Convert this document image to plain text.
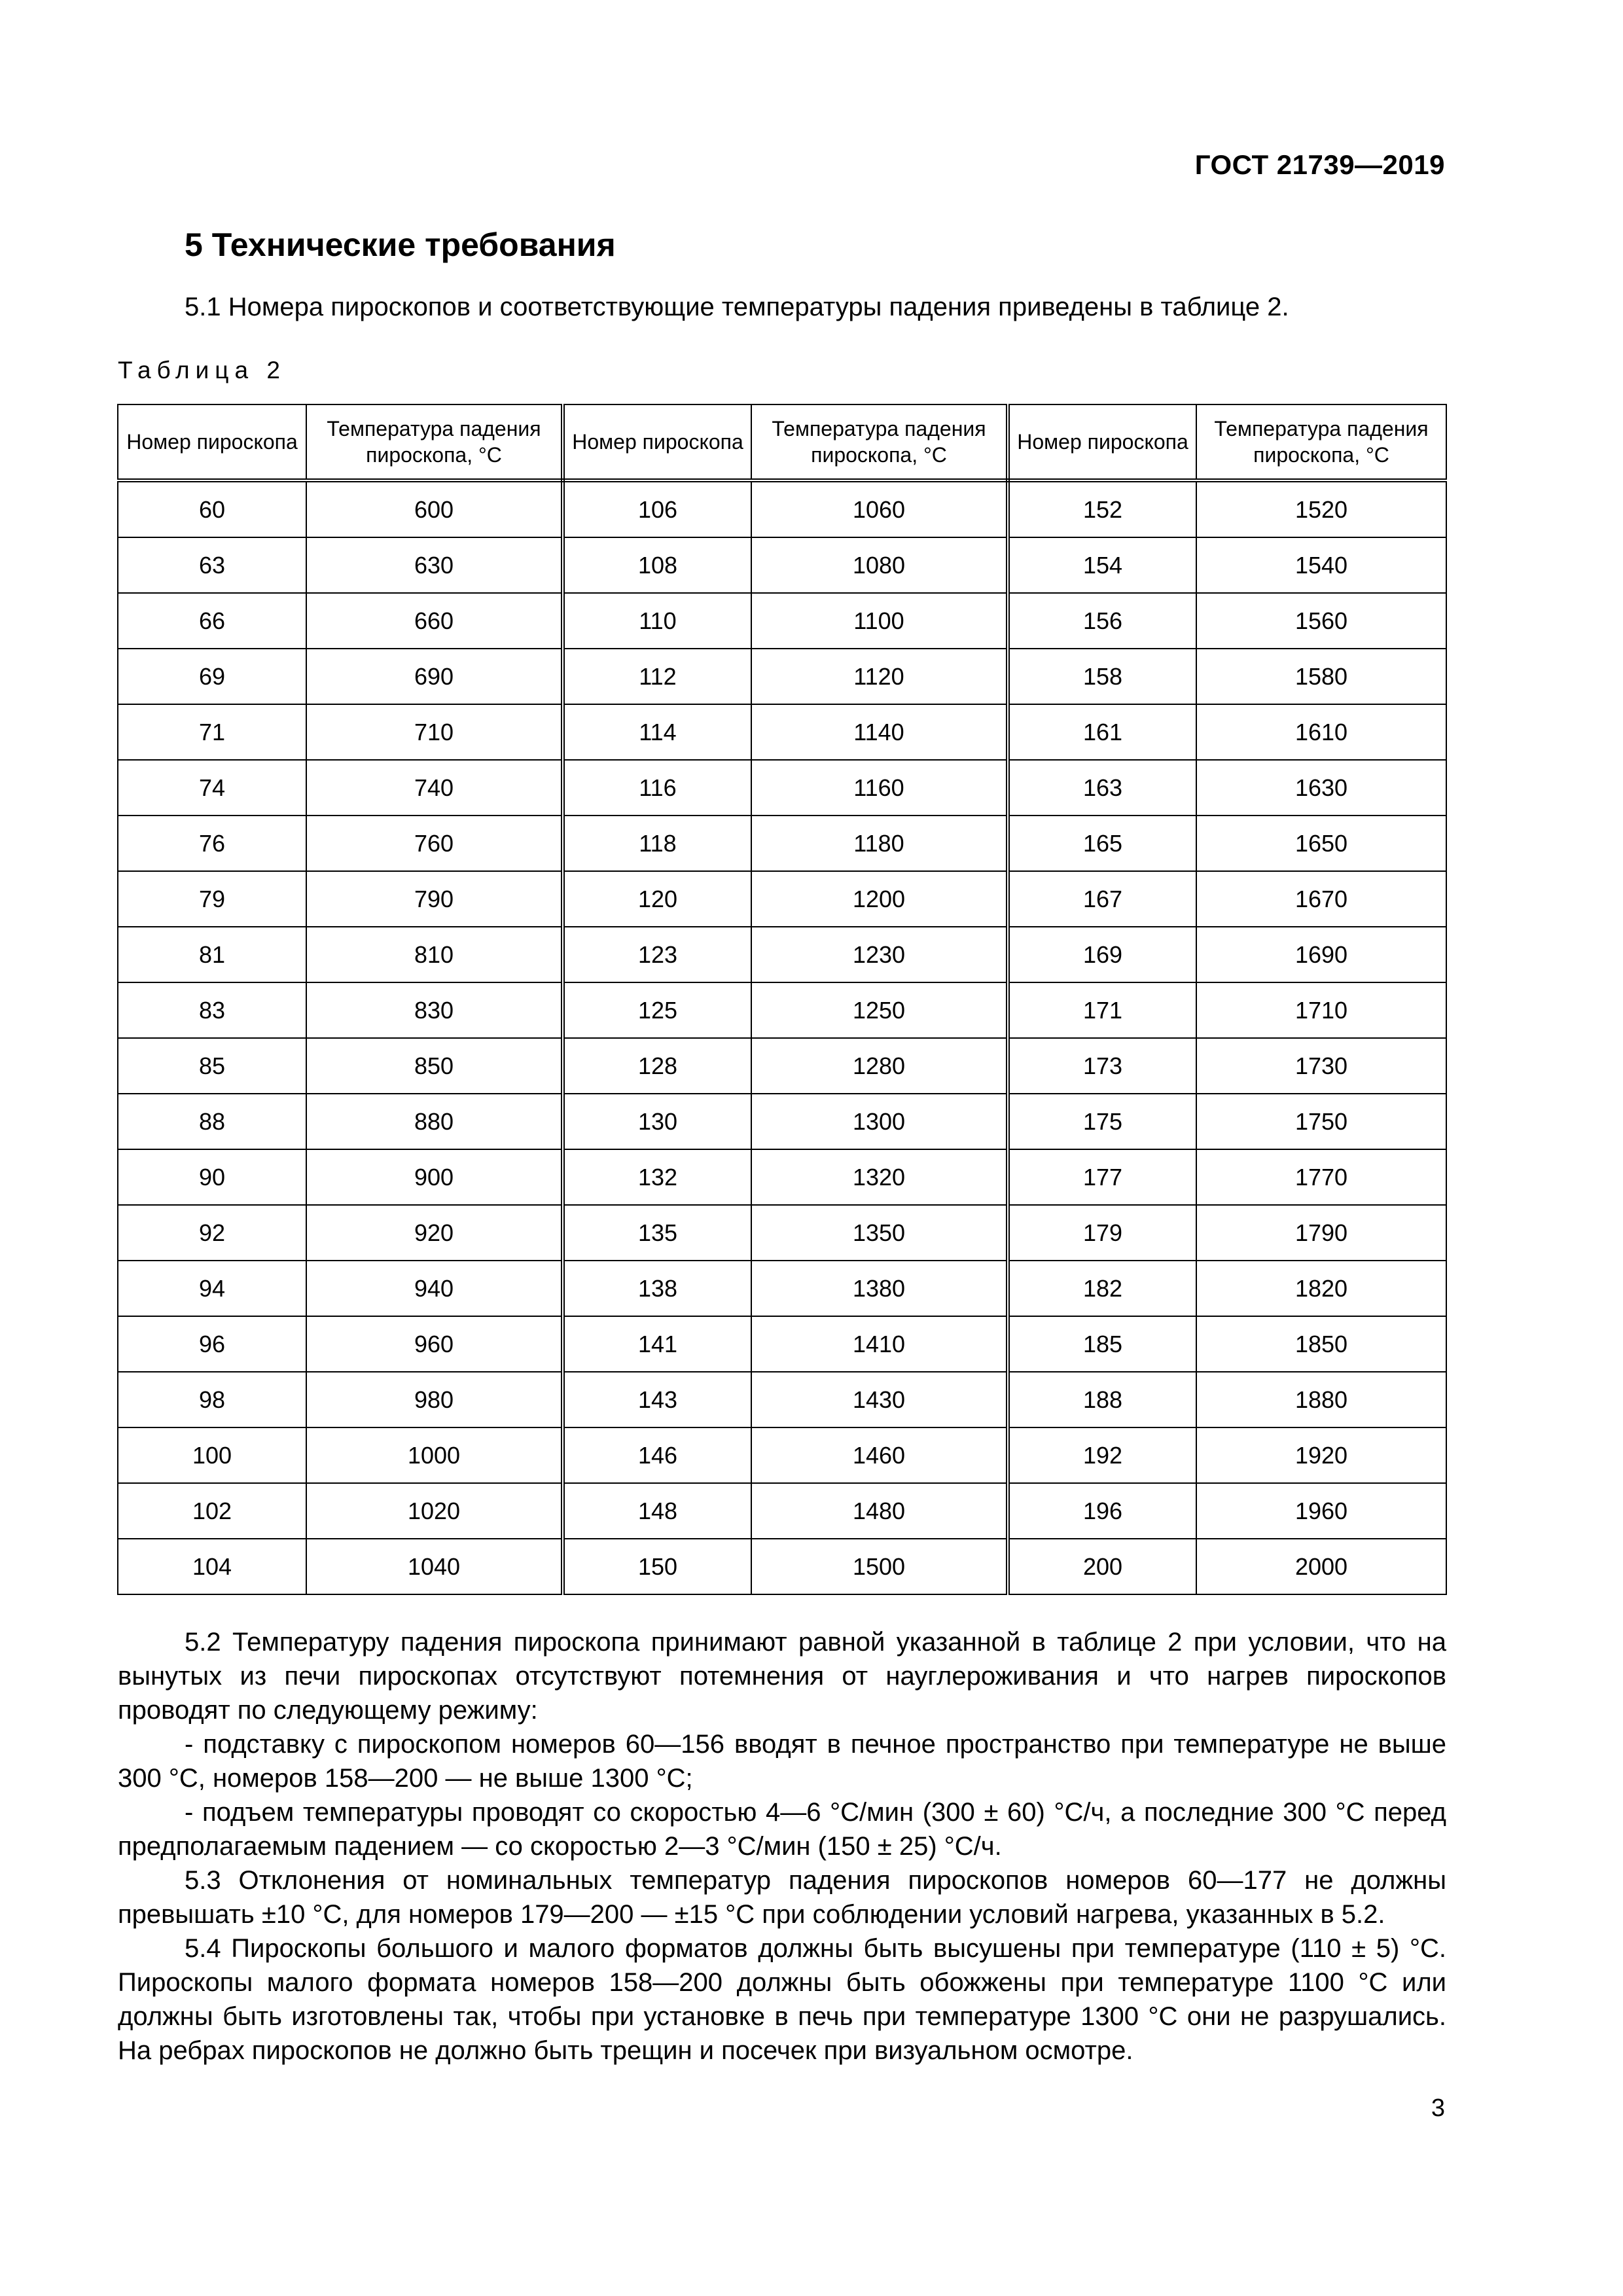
ГОСТ 21739—2019
5 Технические требования
5.1 Номера пироскопов и соответствующие температуры падения приведены в таблице 2.
Таблица 2
Номер пироскопа	Температура падения пироскопа, °C	Номер пироскопа	Температура падения пироскопа, °C	Номер пироскопа	Температура падения пироскопа, °C
60	600	106	1060	152	1520
63	630	108	1080	154	1540
66	660	110	1100	156	1560
69	690	112	1120	158	1580
71	710	114	1140	161	1610
74	740	116	1160	163	1630
76	760	118	1180	165	1650
79	790	120	1200	167	1670
81	810	123	1230	169	1690
83	830	125	1250	171	1710
85	850	128	1280	173	1730
88	880	130	1300	175	1750
90	900	132	1320	177	1770
92	920	135	1350	179	1790
94	940	138	1380	182	1820
96	960	141	1410	185	1850
98	980	143	1430	188	1880
100	1000	146	1460	192	1920
102	1020	148	1480	196	1960
104	1040	150	1500	200	2000

5.2 Температуру падения пироскопа принимают равной указанной в таблице 2 при условии, что на вынутых из печи пироскопах отсутствуют потемнения от науглероживания и что нагрев пироскопов проводят по следующему режиму:

- подставку с пироскопом номеров 60—156 вводят в печное пространство при температуре не выше 300 °C, номеров 158—200 — не выше 1300 °C;

- подъем температуры проводят со скоростью 4—6 °C/мин (300 ± 60) °C/ч, а последние 300 °C перед предполагаемым падением — со скоростью 2—3 °C/мин (150 ± 25) °C/ч.

5.3 Отклонения от номинальных температур падения пироскопов номеров 60—177 не должны превышать ±10 °C, для номеров 179—200 — ±15 °C при соблюдении условий нагрева, указанных в 5.2.

5.4 Пироскопы большого и малого форматов должны быть высушены при температуре (110 ± 5) °C. Пироскопы малого формата номеров 158—200 должны быть обожжены при температуре 1100 °C или должны быть изготовлены так, чтобы при установке в печь при температуре 1300 °C они не разрушались. На ребрах пироскопов не должно быть трещин и посечек при визуальном осмотре.

3
